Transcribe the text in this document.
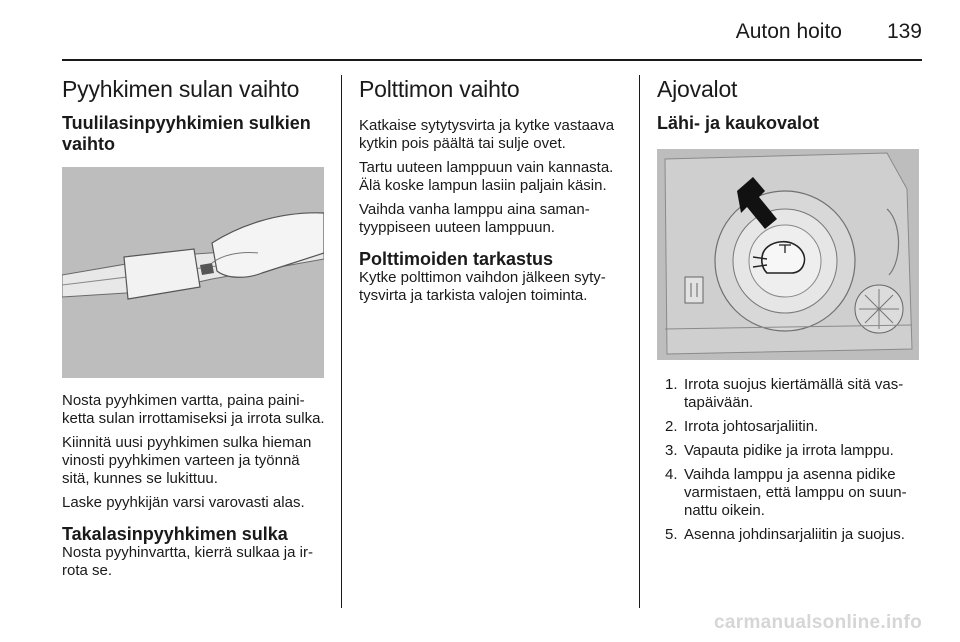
Auton hoito 139
Pyyhkimen sulan vaihto
Tuulilasinpyyhkimien sulkien vaihto

Nosta pyyhkimen vartta, paina painiketta sulan irrottamiseksi ja irrota sulka.

Kiinnitä uusi pyyhkimen sulka hieman vinosti pyyhkimen varteen ja työnnä sitä, kunnes se lukittuu.

Laske pyyhkijän varsi varovasti alas.

Takalasinpyyhkimen sulka

Nosta pyyhinvartta, kierrä sulkaa ja irrota se.

Polttimon vaihto

Katkaise sytytysvirta ja kytke vastaava kytkin pois päältä tai sulje ovet.

Tartu uuteen lamppuun vain kannasta. Älä koske lampun lasiin paljain käsin.

Vaihda vanha lamppu aina samantyyppiseen uuteen lamppuun.

Polttimoiden tarkastus

Kytke polttimon vaihdon jälkeen sytytysvirta ja tarkista valojen toiminta.

Ajovalot
Lähi- ja kaukovalot
1. Irrota suojus kiertämällä sitä vastapäivään.
2. Irrota johtosarjaliitin.
3. Vapauta pidike ja irrota lamppu.
4. Vaihda lamppu ja asenna pidike varmistaen, että lamppu on suunnattu oikein.
5. Asenna johdinsarjaliitin ja suojus.
carmanualsonline.info
